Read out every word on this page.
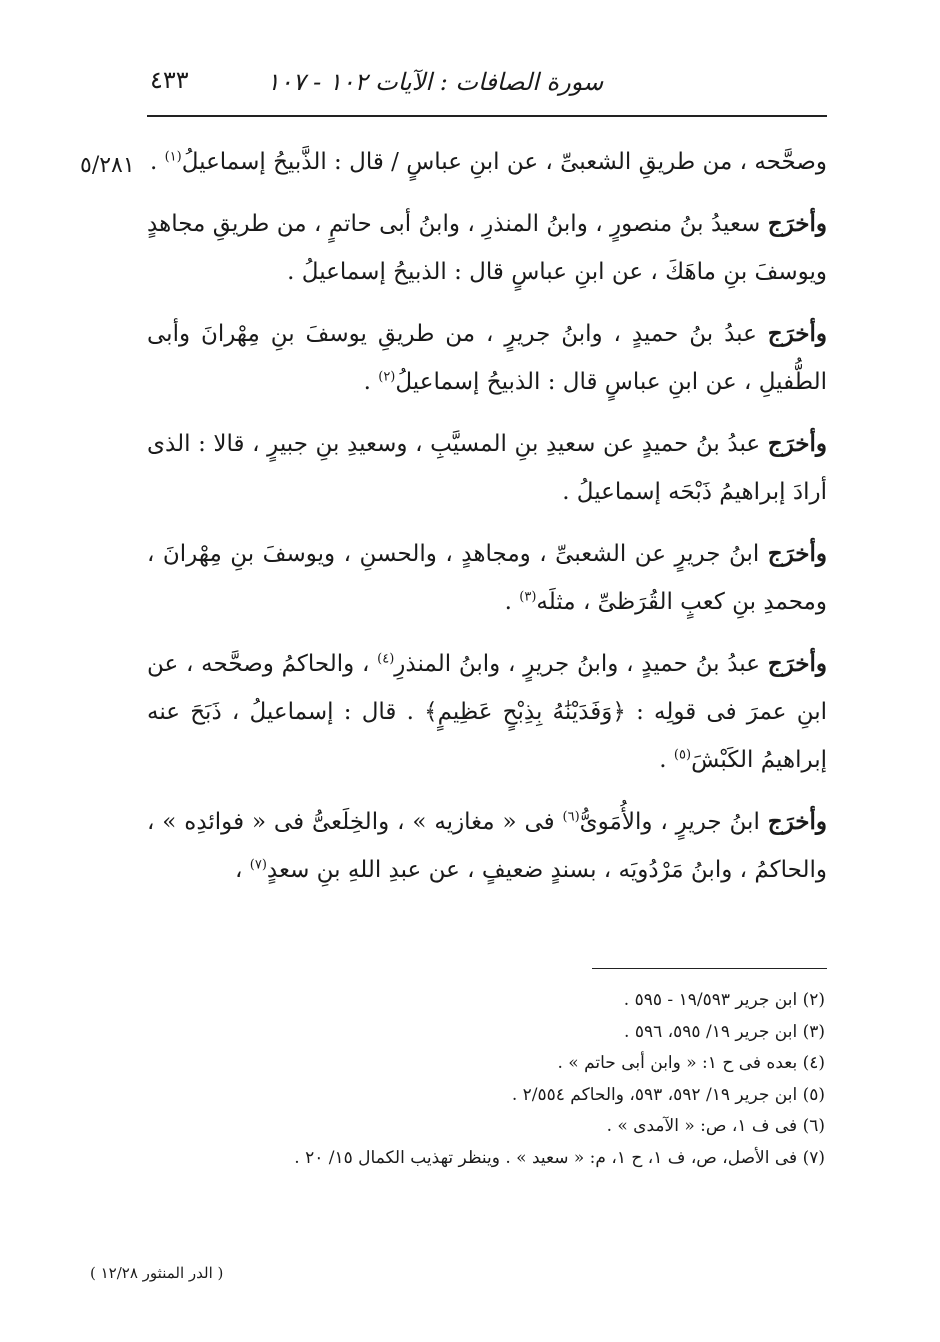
سورة الصافات : الآيات ۱۰۲ - ۱۰۷
٤٣٣
٥/٢٨١	وصحَّحه ، من طريقِ الشعبىِّ ، عن ابنِ عباسٍ / قال : الذَّبيحُ إسماعيلُ$^{(١)}$ .

وأخرَج سعيدُ بنُ منصورٍ ، وابنُ المنذرِ ، وابنُ أبى حاتمٍ ، من طريقِ مجاهدٍ ويوسفَ بنِ ماهَكَ ، عن ابنِ عباسٍ قال : الذبيحُ إسماعيلُ .

وأخرَج عبدُ بنُ حميدٍ ، وابنُ جريرٍ ، من طريقِ يوسفَ بنِ مِهْرانَ وأبى الطُّفيلِ ، عن ابنِ عباسٍ قال : الذبيحُ إسماعيلُ$^{(٢)}$ .

وأخرَج عبدُ بنُ حميدٍ عن سعيدِ بنِ المسيَّبِ ، وسعيدِ بنِ جبيرٍ ، قالا : الذى أرادَ إبراهيمُ ذَبْحَه إسماعيلُ .

وأخرَج ابنُ جريرٍ عن الشعبىِّ ، ومجاهدٍ ، والحسنِ ، ويوسفَ بنِ مِهْرانَ ، ومحمدِ بنِ كعبٍ القُرَظىِّ ، مثلَه$^{(٣)}$ .

وأخرَج عبدُ بنُ حميدٍ ، وابنُ جريرٍ ، وابنُ المنذرِ$^{(٤)}$ ، والحاكمُ وصحَّحه ، عن ابنِ عمرَ فى قولِه : ﴿وَفَدَيْنَٰهُ بِذِبْحٍ عَظِيمٍ﴾ . قال : إسماعيلُ ، ذَبَحَ عنه إبراهيمُ الكَبْشَ$^{(٥)}$ .

وأخرَج ابنُ جريرٍ ، والأُمَوىُّ$^{(٦)}$ فى « مغازيه » ، والخِلَعىُّ فى « فوائدِه » ، والحاكمُ ، وابنُ مَرْدُويَه ، بسندٍ ضعيفٍ ، عن عبدِ اللهِ بنِ سعدٍ$^{(٧)}$ ،

(٢) ابن جرير ١٩/٥٩٣ - ٥٩٥ .

(٣) ابن جرير ١٩/ ٥٩٥، ٥٩٦ .

(٤) بعده فى ح ١: « وابن أبى حاتم » .

(٥) ابن جرير ١٩/ ٥٩٢، ٥٩٣، والحاكم ٢/٥٥٤ .

(٦) فى ف ١، ص: « الآمدى » .

(٧) فى الأصل، ص، ف ١، ح ١، م: « سعيد » . وينظر تهذيب الكمال ١٥/ ٢٠ .

( الدر المنثور ١٢/٢٨ )
